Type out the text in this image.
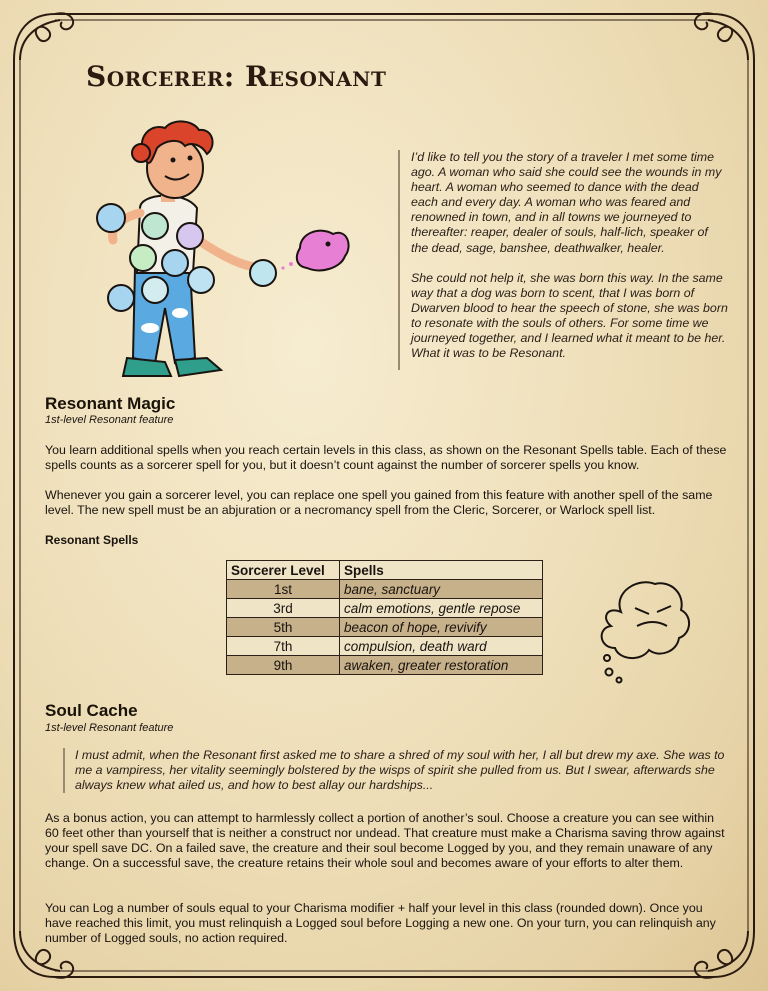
Sorcerer: Resonant

I’d like to tell you the story of a traveler I met some time ago. A woman who said she could see the wounds in my heart. A woman who seemed to dance with the dead each and every day. A woman who was feared and renowned in town, and in all towns we journeyed to thereafter: reaper, dealer of souls, half-lich, speaker of the dead, sage, banshee, deathwalker, healer.

She could not help it, she was born this way. In the same way that a dog was born to scent, that I was born of Dwarven blood to hear the speech of stone, she was born to resonate with the souls of others. For some time we journeyed together, and I learned what it meant to be her. What it was to be Resonant.

Resonant Magic

1st-level Resonant feature

You learn additional spells when you reach certain levels in this class, as shown on the Resonant Spells table. Each of these spells counts as a sorcerer spell for you, but it doesn’t count against the number of sorcerer spells you know.

Whenever you gain a sorcerer level, you can replace one spell you gained from this feature with another spell of the same level. The new spell must be an abjuration or a necromancy spell from the Cleric, Sorcerer, or Warlock spell list.

Resonant Spells

Sorcerer Level	Spells
1st	bane, sanctuary
3rd	calm emotions, gentle repose
5th	beacon of hope, revivify
7th	compulsion, death ward
9th	awaken, greater restoration
Soul Cache

1st-level Resonant feature

I must admit, when the Resonant first asked me to share a shred of my soul with her, I all but drew my axe. She was to me a vampiress, her vitality seemingly bolstered by the wisps of spirit she pulled from us. But I swear, afterwards she always knew what ailed us, and how to best allay our hardships...

As a bonus action, you can attempt to harmlessly collect a portion of another’s soul. Choose a creature you can see within 60 feet other than yourself that is neither a construct nor undead. That creature must make a Charisma saving throw against your spell save DC. On a failed save, the creature and their soul become Logged by you, and they remain unaware of any change. On a successful save, the creature retains their whole soul and becomes aware of your efforts to alter them.

You can Log a number of souls equal to your Charisma modifier + half your level in this class (rounded down). Once you have reached this limit, you must relinquish a Logged soul before Logging a new one. On your turn, you can relinquish any number of Logged souls, no action required.
